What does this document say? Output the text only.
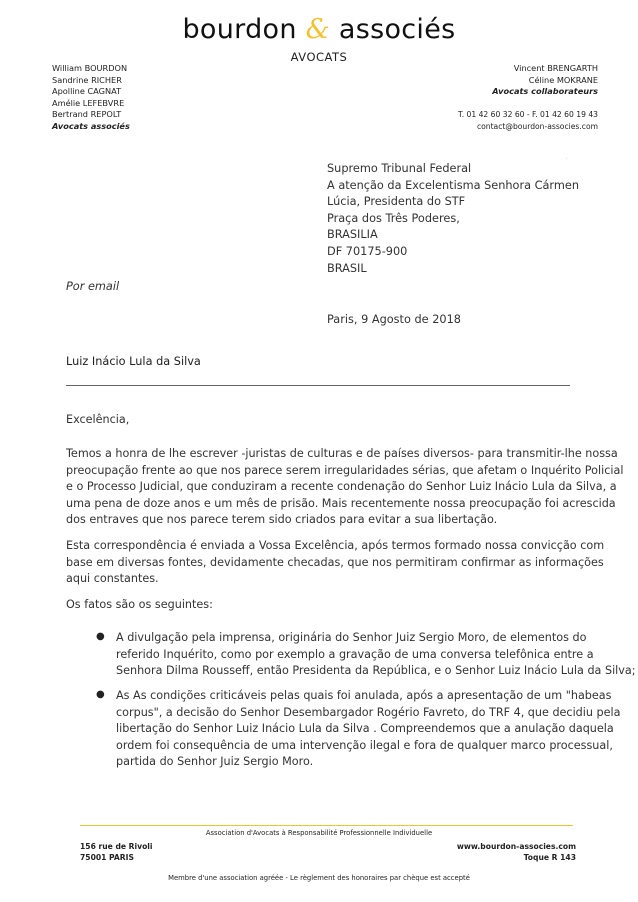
bourdon & associés
AVOCATS
William BOURDON
Sandrine RICHER
Apolline CAGNAT
Amélie LEFEBVRE
Bertrand REPOLT
Avocats associés
Vincent BRENGARTH
Céline MOKRANE
Avocats collaborateurs
T. 01 42 60 32 60 - F. 01 42 60 19 43
contact@bourdon-associes.com
·
Supremo Tribunal Federal
A atenção da Excelentisma Senhora Cármen
Lúcia, Presidenta do STF
Praça dos Três Poderes,
BRASILIA
DF 70175-900
BRASIL
Por email
Paris, 9 Agosto de 2018
Luiz Inácio Lula da Silva
Excelência,
Temos a honra de lhe escrever -juristas de culturas e de países diversos- para transmitir-lhe nossa
preocupação frente ao que nos parece serem irregularidades sérias, que afetam o Inquérito Policial
e o Processo Judicial, que conduziram a recente condenação do Senhor Luiz Inácio Lula da Silva, a
uma pena de doze anos e um mês de prisão. Mais recentemente nossa preocupação foi acrescida
dos entraves que nos parece terem sido criados para evitar a sua libertação.
Esta correspondência é enviada a Vossa Excelência, após termos formado nossa convicção com
base em diversas fontes, devidamente checadas, que nos permitiram confirmar as informações
aqui constantes.
Os fatos são os seguintes:
● A divulgação pela imprensa, originária do Senhor Juiz Sergio Moro, de elementos do
referido Inquérito, como por exemplo a gravação de uma conversa telefônica entre a
Senhora Dilma Rousseff, então Presidenta da República, e o Senhor Luiz Inácio Lula da Silva;
● As As condições criticáveis pelas quais foi anulada, após a apresentação de um "habeas
corpus", a decisão do Senhor Desembargador Rogério Favreto, do TRF 4, que decidiu pela
libertação do Senhor Luiz Inácio Lula da Silva . Compreendemos que a anulação daquela
ordem foi consequência de uma intervenção ilegal e fora de qualquer marco processual,
partida do Senhor Juiz Sergio Moro.
Association d'Avocats à Responsabilité Professionnelle Individuelle
156 rue de Rivoli
75001 PARIS
www.bourdon-associes.com
Toque R 143
Membre d'une association agréée - Le règlement des honoraires par chèque est accepté
